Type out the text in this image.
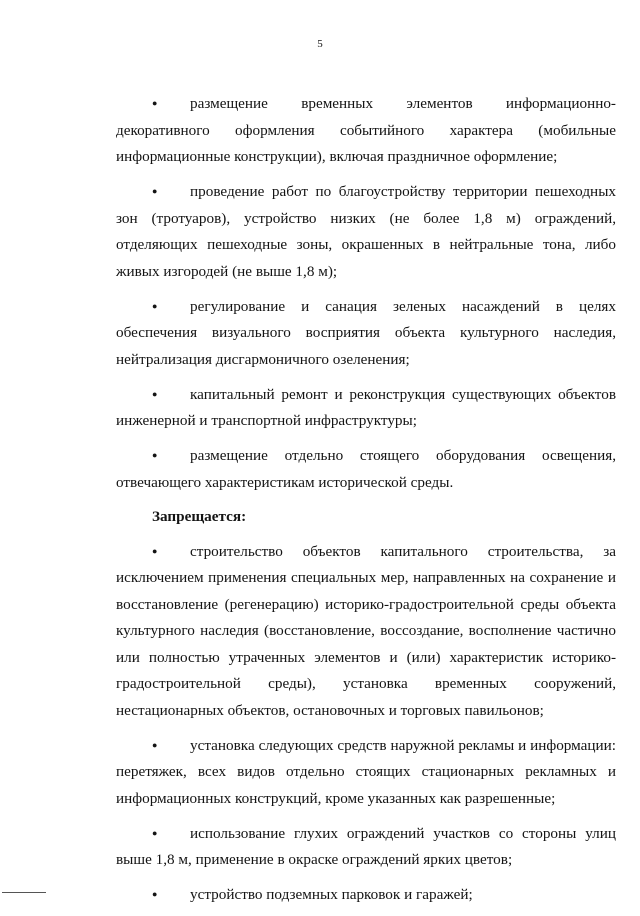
5

● размещение временных элементов информационно-декоративного оформления событийного характера (мобильные информационные конструкции), включая праздничное оформление;

● проведение работ по благоустройству территории пешеходных зон (тротуаров), устройство низких (не более 1,8 м) ограждений, отделяющих пешеходные зоны, окрашенных в нейтральные тона, либо живых изгородей (не выше 1,8 м);

● регулирование и санация зеленых насаждений в целях обеспечения визуального восприятия объекта культурного наследия, нейтрализация дисгармоничного озеленения;

● капитальный ремонт и реконструкция существующих объектов инженерной и транспортной инфраструктуры;

● размещение отдельно стоящего оборудования освещения, отвечающего характеристикам исторической среды.

Запрещается:

● строительство объектов капитального строительства, за исключением применения специальных мер, направленных на сохранение и восстановление (регенерацию) историко-градостроительной среды объекта культурного наследия (восстановление, воссоздание, восполнение частично или полностью утраченных элементов и (или) характеристик историко-градостроительной среды), установка временных сооружений, нестационарных объектов, остановочных и торговых павильонов;

● установка следующих средств наружной рекламы и информации: перетяжек, всех видов отдельно стоящих стационарных рекламных и информационных конструкций, кроме указанных как разрешенные;

● использование глухих ограждений участков со стороны улиц выше 1,8 м, применение в окраске ограждений ярких цветов;

● устройство подземных парковок и гаражей;
